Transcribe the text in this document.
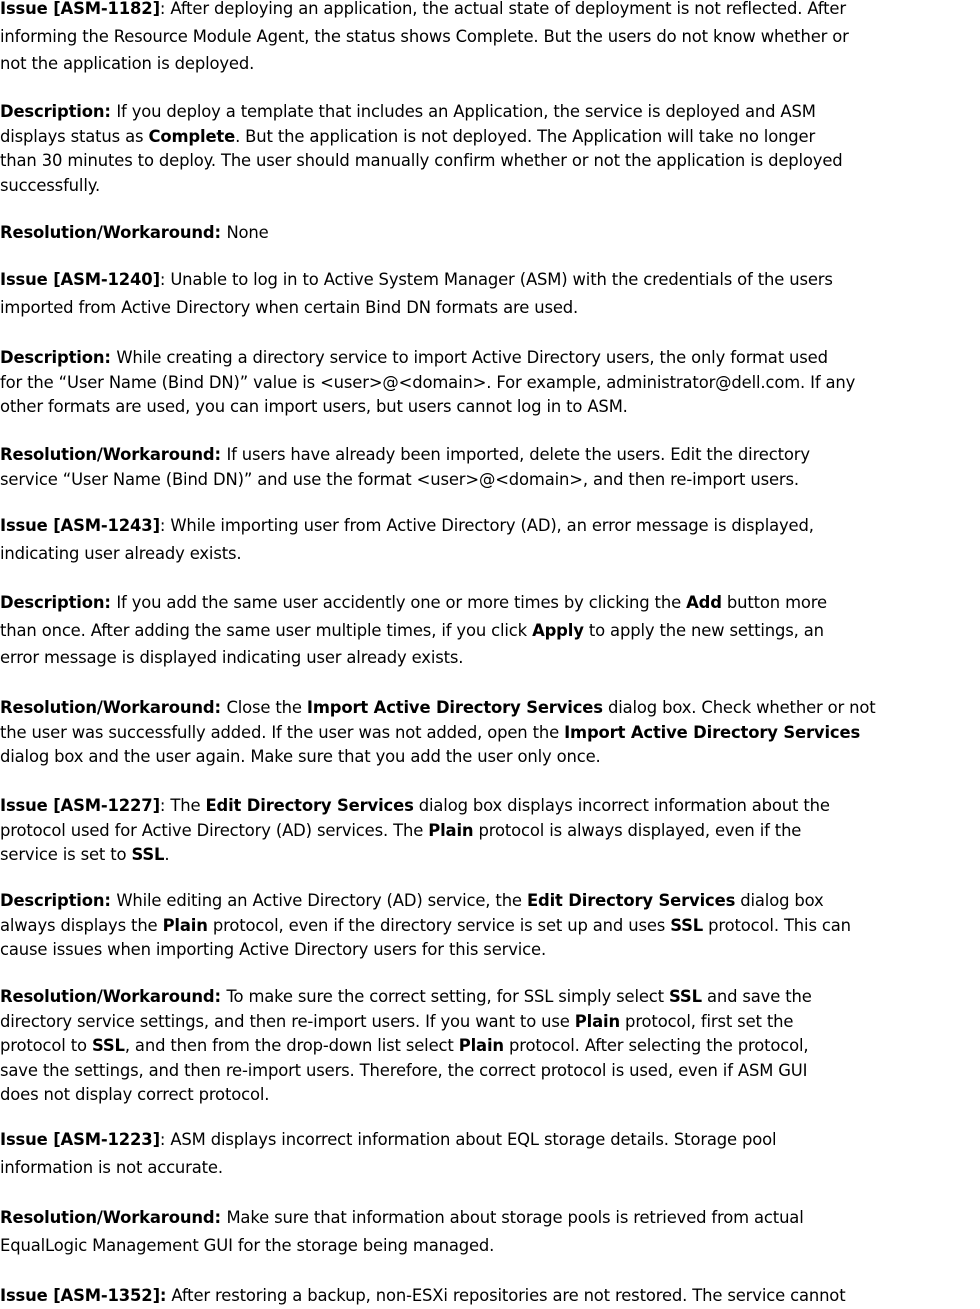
Issue [ASM-1182]: After deploying an application, the actual state of deployment is not reflected. After
informing the Resource Module Agent, the status shows Complete. But the users do not know whether or
not the application is deployed.
Description: If you deploy a template that includes an Application, the service is deployed and ASM
displays status as Complete. But the application is not deployed. The Application will take no longer
than 30 minutes to deploy. The user should manually confirm whether or not the application is deployed
successfully.
Resolution/Workaround: None
Issue [ASM-1240]: Unable to log in to Active System Manager (ASM) with the credentials of the users
imported from Active Directory when certain Bind DN formats are used.
Description: While creating a directory service to import Active Directory users, the only format used
for the “User Name (Bind DN)” value is <user>@<domain>. For example, administrator@dell.com. If any
other formats are used, you can import users, but users cannot log in to ASM.
Resolution/Workaround: If users have already been imported, delete the users. Edit the directory
service “User Name (Bind DN)” and use the format <user>@<domain>, and then re-import users.
Issue [ASM-1243]: While importing user from Active Directory (AD), an error message is displayed,
indicating user already exists.
Description: If you add the same user accidently one or more times by clicking the Add button more
than once. After adding the same user multiple times, if you click Apply to apply the new settings, an
error message is displayed indicating user already exists.
Resolution/Workaround: Close the Import Active Directory Services dialog box. Check whether or not
the user was successfully added. If the user was not added, open the Import Active Directory Services
dialog box and the user again. Make sure that you add the user only once.
Issue [ASM-1227]: The Edit Directory Services dialog box displays incorrect information about the
protocol used for Active Directory (AD) services. The Plain protocol is always displayed, even if the
service is set to SSL.
Description: While editing an Active Directory (AD) service, the Edit Directory Services dialog box
always displays the Plain protocol, even if the directory service is set up and uses SSL protocol. This can
cause issues when importing Active Directory users for this service.
Resolution/Workaround: To make sure the correct setting, for SSL simply select SSL and save the
directory service settings, and then re-import users. If you want to use Plain protocol, first set the
protocol to SSL, and then from the drop-down list select Plain protocol. After selecting the protocol,
save the settings, and then re-import users. Therefore, the correct protocol is used, even if ASM GUI
does not display correct protocol.
Issue [ASM-1223]: ASM displays incorrect information about EQL storage details. Storage pool
information is not accurate.
Resolution/Workaround: Make sure that information about storage pools is retrieved from actual
EqualLogic Management GUI for the storage being managed.
Issue [ASM-1352]: After restoring a backup, non-ESXi repositories are not restored. The service cannot
